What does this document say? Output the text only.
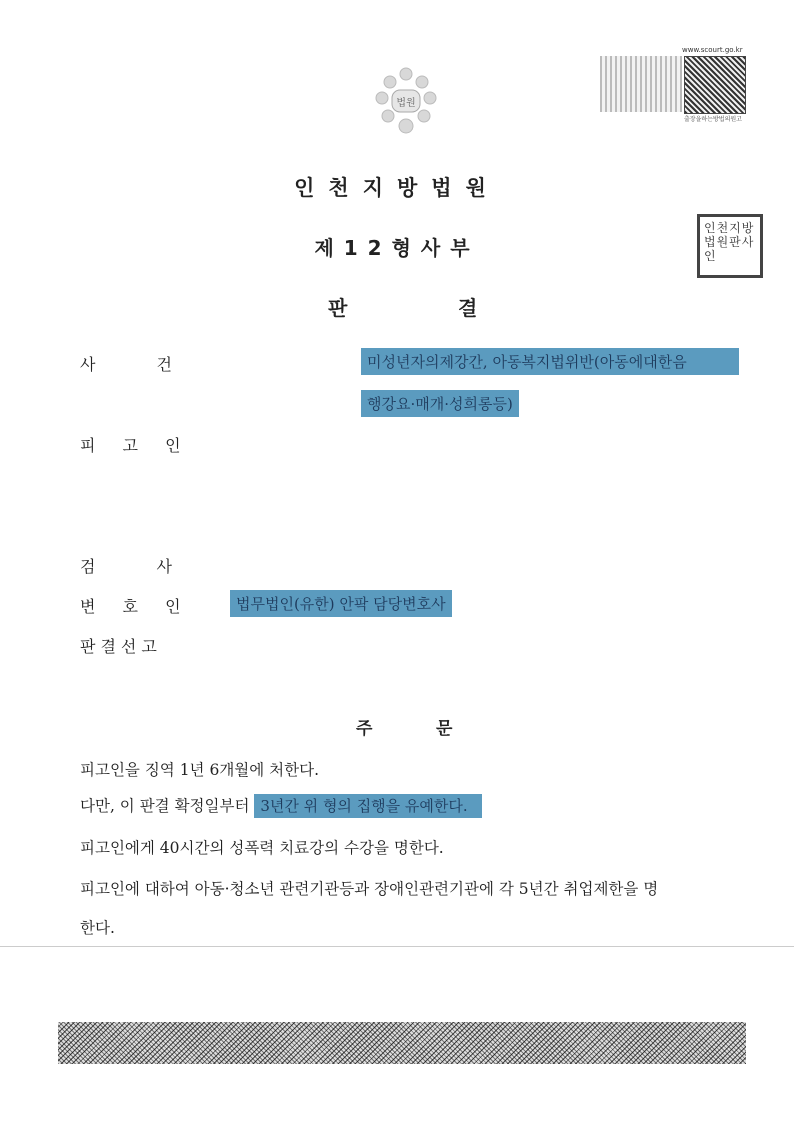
법원
www.scourt.go.kr
출장을하는방법의원고
인천지방법원
제12형사부
인천지방법원판사인
판	결
사 건	미성년자의제강간, 아동복지법위반(아동에대한음
행강요·매개·성희롱등)
피 고 인
검 사
변 호 인	법무법인(유한) 안팍 담당변호사
판결선고
주	문
피고인을 징역 1년 6개월에 처한다.
다만, 이 판결 확정일부터 3년간 위 형의 집행을 유예한다.
피고인에게 40시간의 성폭력 치료강의 수강을 명한다.
피고인에 대하여 아동·청소년 관련기관등과 장애인관련기관에 각 5년간 취업제한을 명
한다.
